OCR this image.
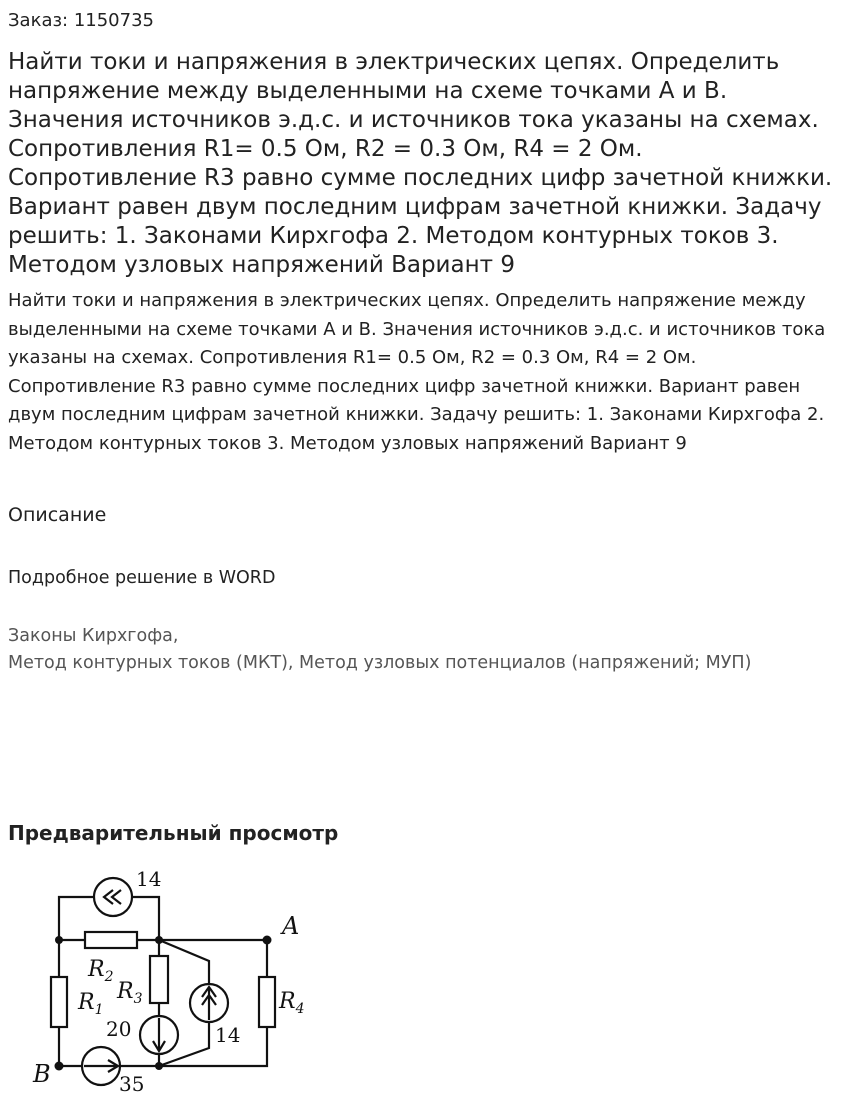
Заказ: 1150735
Найти токи и напряжения в электрических цепях. Определить напряжение между выделенными на схеме точками A и B. Значения источников э.д.с. и источников тока указаны на схемах. Сопротивления R1= 0.5 Ом, R2 = 0.3 Ом, R4 = 2 Ом. Сопротивление R3 равно сумме последних цифр зачетной книжки. Вариант равен двум последним цифрам зачетной книжки. Задачу решить: 1. Законами Кирхгофа 2. Методом контурных токов 3. Методом узловых напряжений Вариант 9

Найти токи и напряжения в электрических цепях. Определить напряжение между выделенными на схеме точками A и B. Значения источников э.д.с. и источников тока указаны на схемах. Сопротивления R1= 0.5 Ом, R2 = 0.3 Ом, R4 = 2 Ом. Сопротивление R3 равно сумме последних цифр зачетной книжки. Вариант равен двум последним цифрам зачетной книжки. Задачу решить: 1. Законами Кирхгофа 2. Методом контурных токов 3. Методом узловых напряжений Вариант 9

Описание
Подробное решение в WORD
Законы Кирхгофа,
Метод контурных токов (МКТ), Метод узловых потенциалов (напряжений; МУП)
Предварительный просмотр
14
A
$R_2$
$R_1$
$R_3$
20	14
$R_4$
35
B
